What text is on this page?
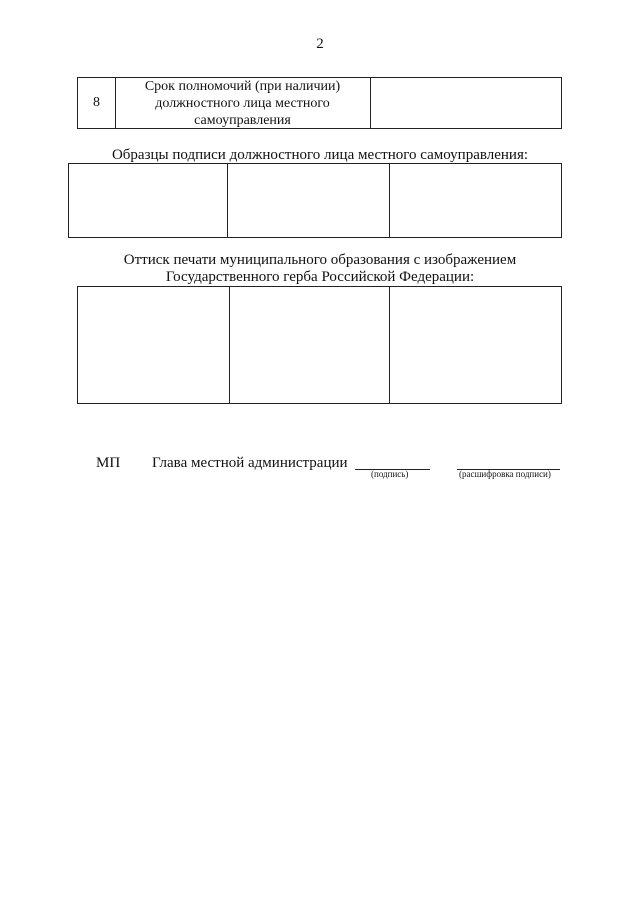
2
8
Срок полномочий (при наличии) должностного лица местного самоуправления
Образцы подписи должностного лица местного самоуправления:
Оттиск печати муниципального образования с изображением Государственного герба Российской Федерации:
МП Глава местной администрации
(подпись)	(расшифровка подписи)
